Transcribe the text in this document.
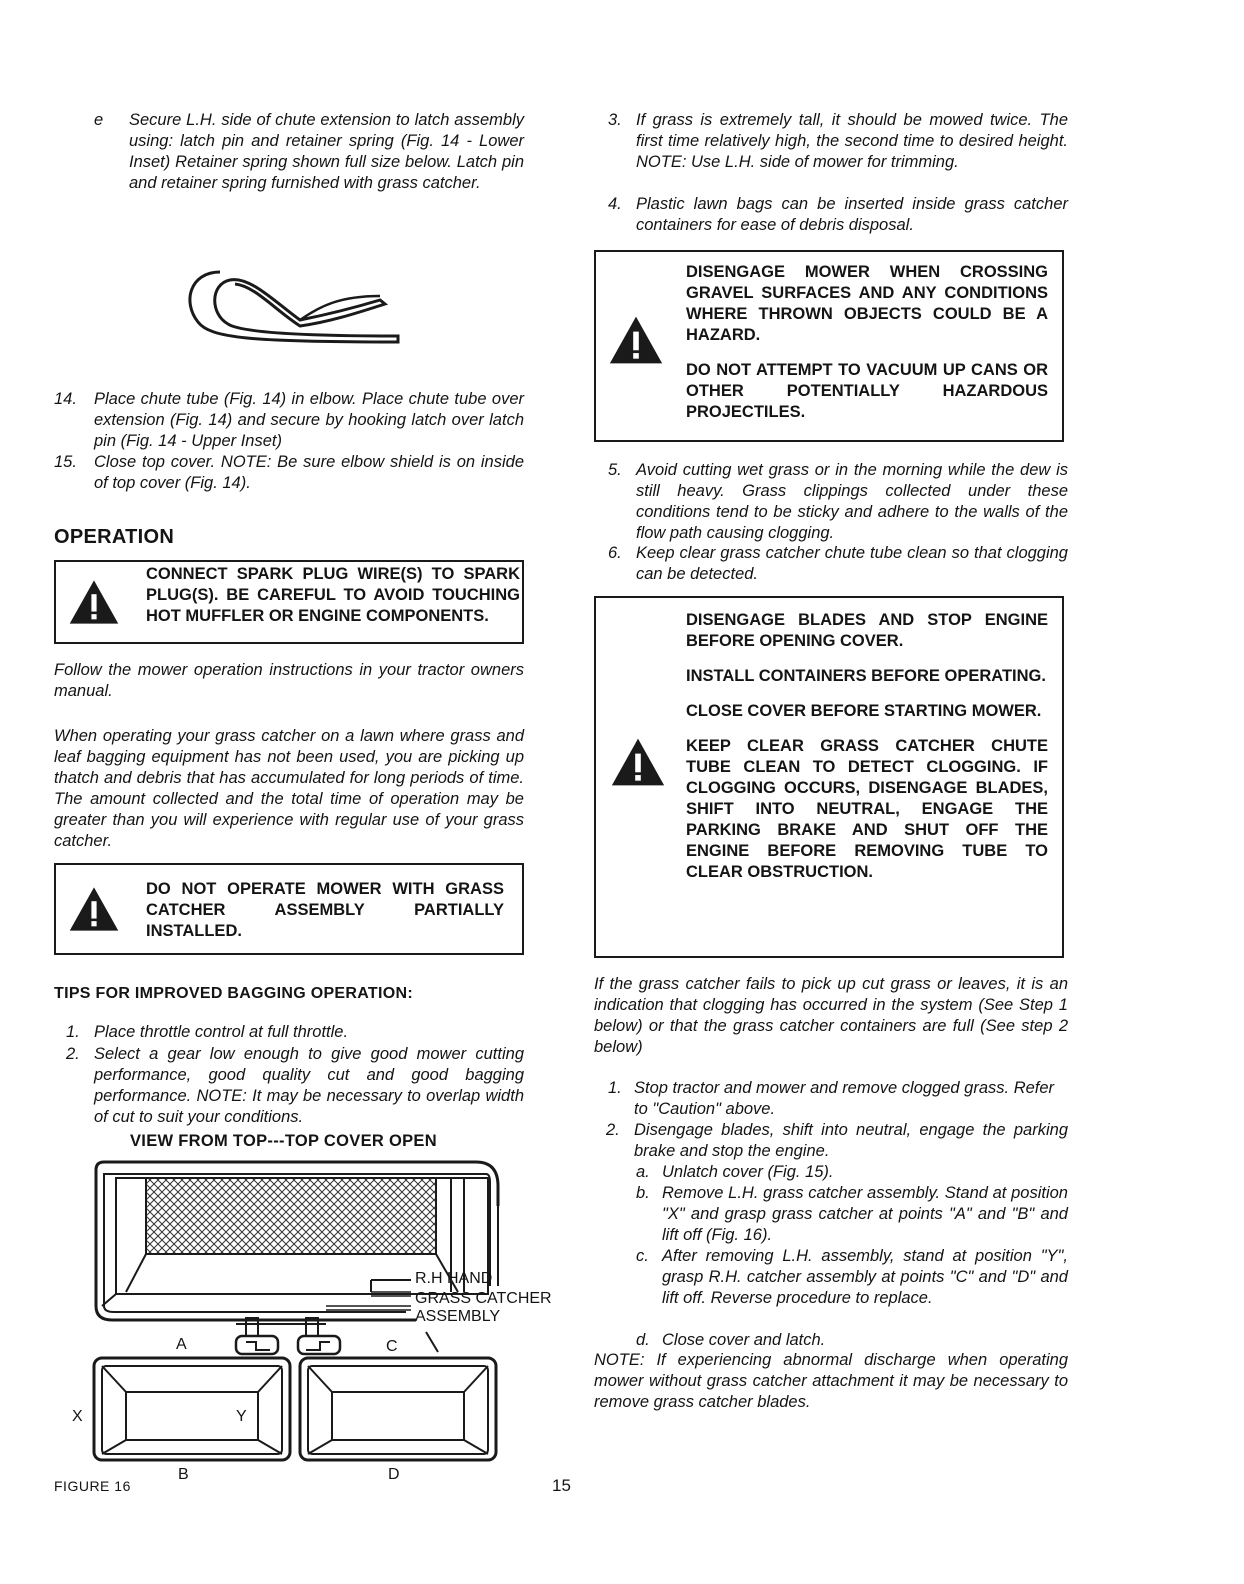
e Secure L.H. side of chute extension to latch assembly using: latch pin and retainer spring (Fig. 14 - Lower Inset) Retainer spring shown full size below. Latch pin and retainer spring furnished with grass catcher.
14. Place chute tube (Fig. 14) in elbow. Place chute tube over extension (Fig. 14) and secure by hooking latch over latch pin (Fig. 14 - Upper Inset)
15. Close top cover. NOTE: Be sure elbow shield is on inside of top cover (Fig. 14).
OPERATION
CONNECT SPARK PLUG WIRE(S) TO SPARK PLUG(S). BE CAREFUL TO AVOID TOUCHING HOT MUFFLER OR ENGINE COMPONENTS.
Follow the mower operation instructions in your tractor owners manual.
When operating your grass catcher on a lawn where grass and leaf bagging equipment has not been used, you are picking up thatch and debris that has accumulated for long periods of time. The amount collected and the total time of operation may be greater than you will experience with regular use of your grass catcher.
DO NOT OPERATE MOWER WITH GRASS CATCHER ASSEMBLY PARTIALLY INSTALLED.
TIPS FOR IMPROVED BAGGING OPERATION:
1. Place throttle control at full throttle.
2. Select a gear low enough to give good mower cutting performance, good quality cut and good bagging performance. NOTE: It may be necessary to overlap width of cut to suit your conditions.
VIEW FROM TOP---TOP COVER OPEN
R.H HAND
GRASS CATCHER
ASSEMBLY
A	C
X	Y
B	D
FIGURE 16	15
3. If grass is extremely tall, it should be mowed twice. The first time relatively high, the second time to desired height. NOTE: Use L.H. side of mower for trimming.
4. Plastic lawn bags can be inserted inside grass catcher containers for ease of debris disposal.

DISENGAGE MOWER WHEN CROSSING GRAVEL SURFACES AND ANY CONDITIONS WHERE THROWN OBJECTS COULD BE A HAZARD.

DO NOT ATTEMPT TO VACUUM UP CANS OR OTHER POTENTIALLY HAZARDOUS PROJECTILES.

5. Avoid cutting wet grass or in the morning while the dew is still heavy. Grass clippings collected under these conditions tend to be sticky and adhere to the walls of the flow path causing clogging.
6. Keep clear grass catcher chute tube clean so that clogging can be detected.

DISENGAGE BLADES AND STOP ENGINE BEFORE OPENING COVER.

INSTALL CONTAINERS BEFORE OPERATING.

CLOSE COVER BEFORE STARTING MOWER.

KEEP CLEAR GRASS CATCHER CHUTE TUBE CLEAN TO DETECT CLOGGING. IF CLOGGING OCCURS, DISENGAGE BLADES, SHIFT INTO NEUTRAL, ENGAGE THE PARKING BRAKE AND SHUT OFF THE ENGINE BEFORE REMOVING TUBE TO CLEAR OBSTRUCTION.

If the grass catcher fails to pick up cut grass or leaves, it is an indication that clogging has occurred in the system (See Step 1 below) or that the grass catcher containers are full (See step 2 below)
1. Stop tractor and mower and remove clogged grass. Refer to "Caution" above.
2. Disengage blades, shift into neutral, engage the parking brake and stop the engine.
a. Unlatch cover (Fig. 15).
b. Remove L.H. grass catcher assembly. Stand at position "X" and grasp grass catcher at points "A" and "B" and lift off (Fig. 16).
c. After removing L.H. assembly, stand at position "Y", grasp R.H. catcher assembly at points "C" and "D" and lift off. Reverse procedure to replace.
d. Close cover and latch.
NOTE: If experiencing abnormal discharge when operating mower without grass catcher attachment it may be necessary to remove grass catcher blades.
